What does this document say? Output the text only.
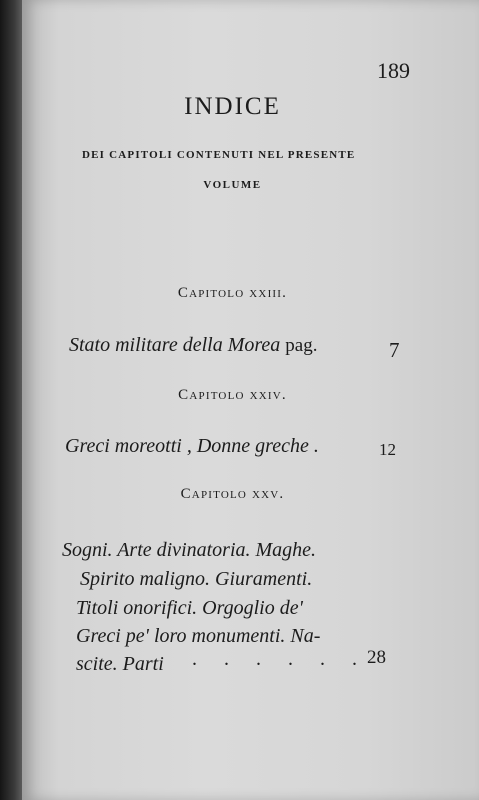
189
INDICE
DEI CAPITOLI CONTENUTI NEL PRESENTE
VOLUME
Capitolo xxiii.
Stato militare della Morea pag.	7
Capitolo xxiv.
Greci moreotti , Donne greche .	12
Capitolo xxv.
Sogni. Arte divinatoria. Maghe.
Spirito maligno. Giuramenti.
Titoli onorifici. Orgoglio de'
Greci pe' loro monumenti. Na-
scite. Parti . . . . . . 28
